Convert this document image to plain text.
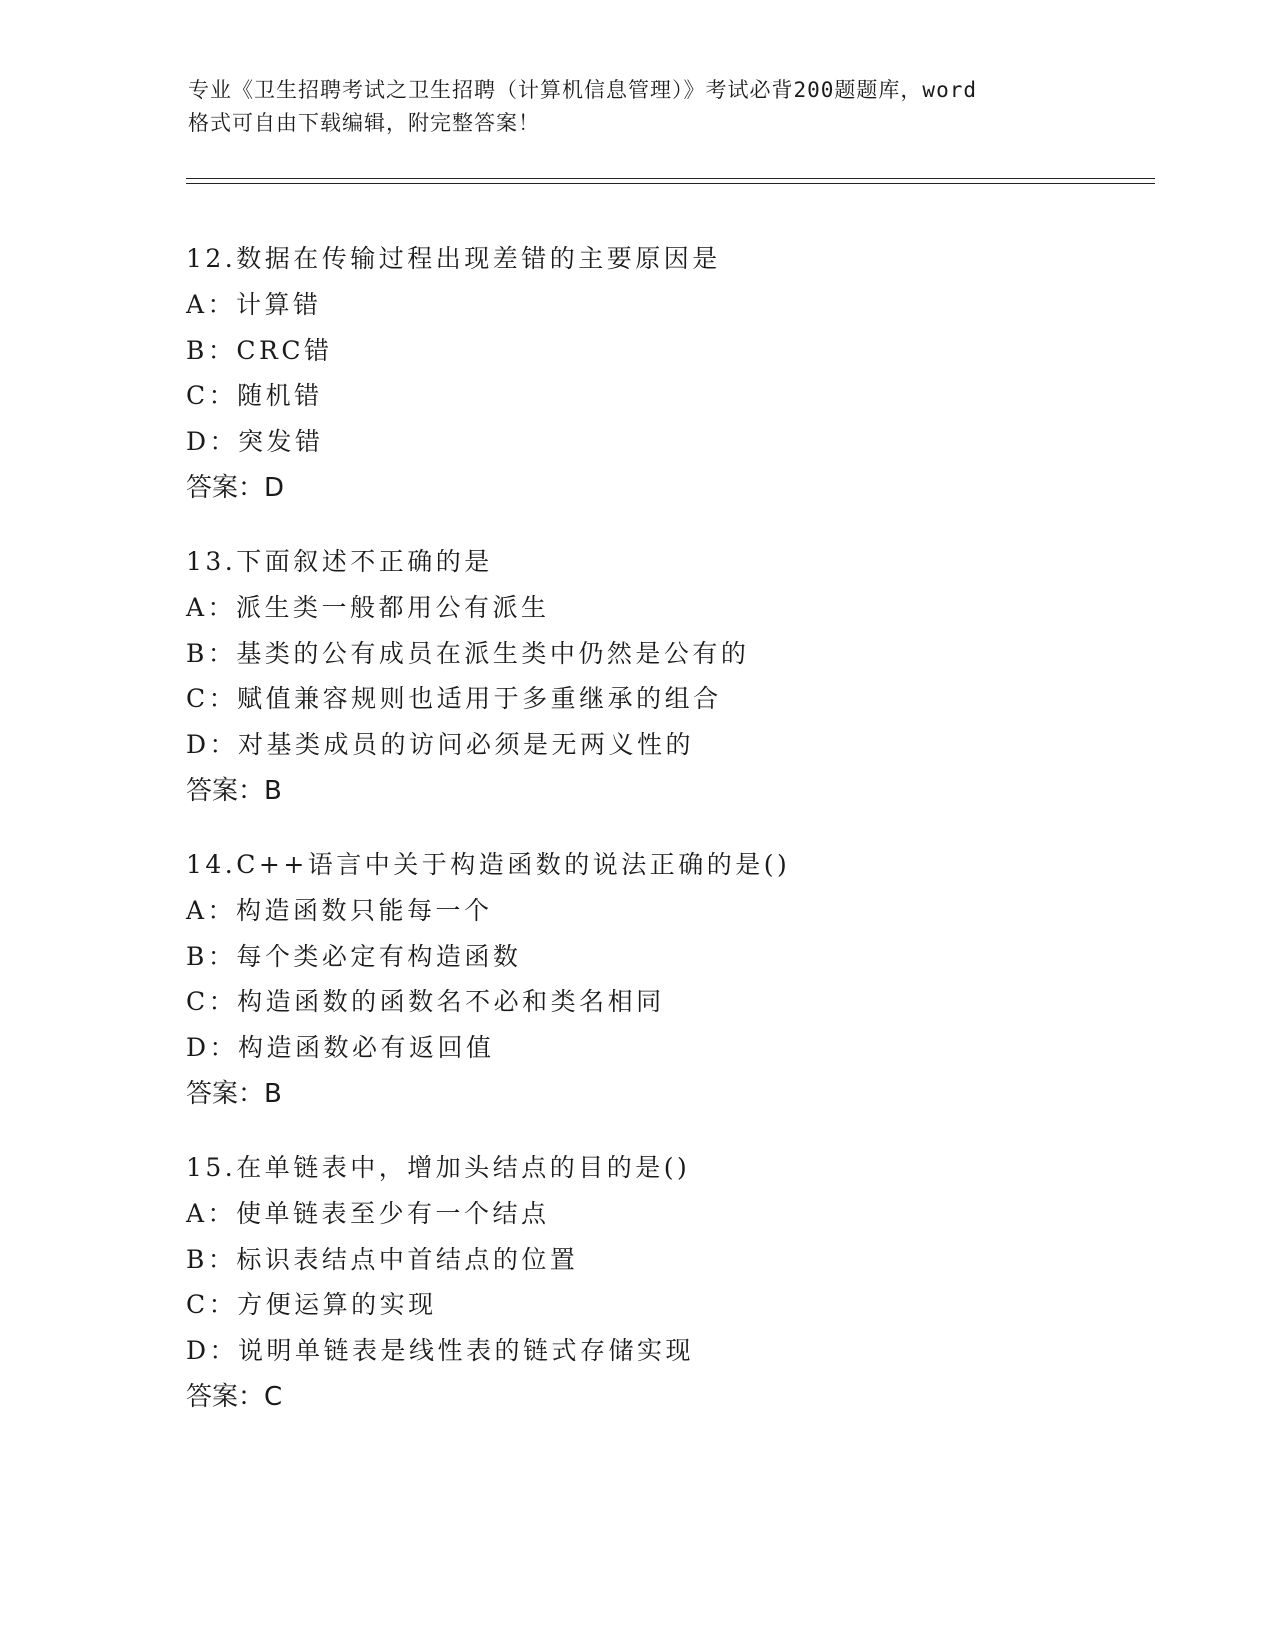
专业《卫生招聘考试之卫生招聘（计算机信息管理）》考试必背200题题库，word
格式可自由下载编辑，附完整答案！
12.数据在传输过程出现差错的主要原因是
A：计算错
B：CRC错
C：随机错
D：突发错
答案：D
13.下面叙述不正确的是
A：派生类一般都用公有派生
B：基类的公有成员在派生类中仍然是公有的
C：赋值兼容规则也适用于多重继承的组合
D：对基类成员的访问必须是无两义性的
答案：B
14.C++语言中关于构造函数的说法正确的是()
A：构造函数只能每一个
B：每个类必定有构造函数
C：构造函数的函数名不必和类名相同
D：构造函数必有返回值
答案：B
15.在单链表中，增加头结点的目的是()
A：使单链表至少有一个结点
B：标识表结点中首结点的位置
C：方便运算的实现
D：说明单链表是线性表的链式存储实现
答案：C
